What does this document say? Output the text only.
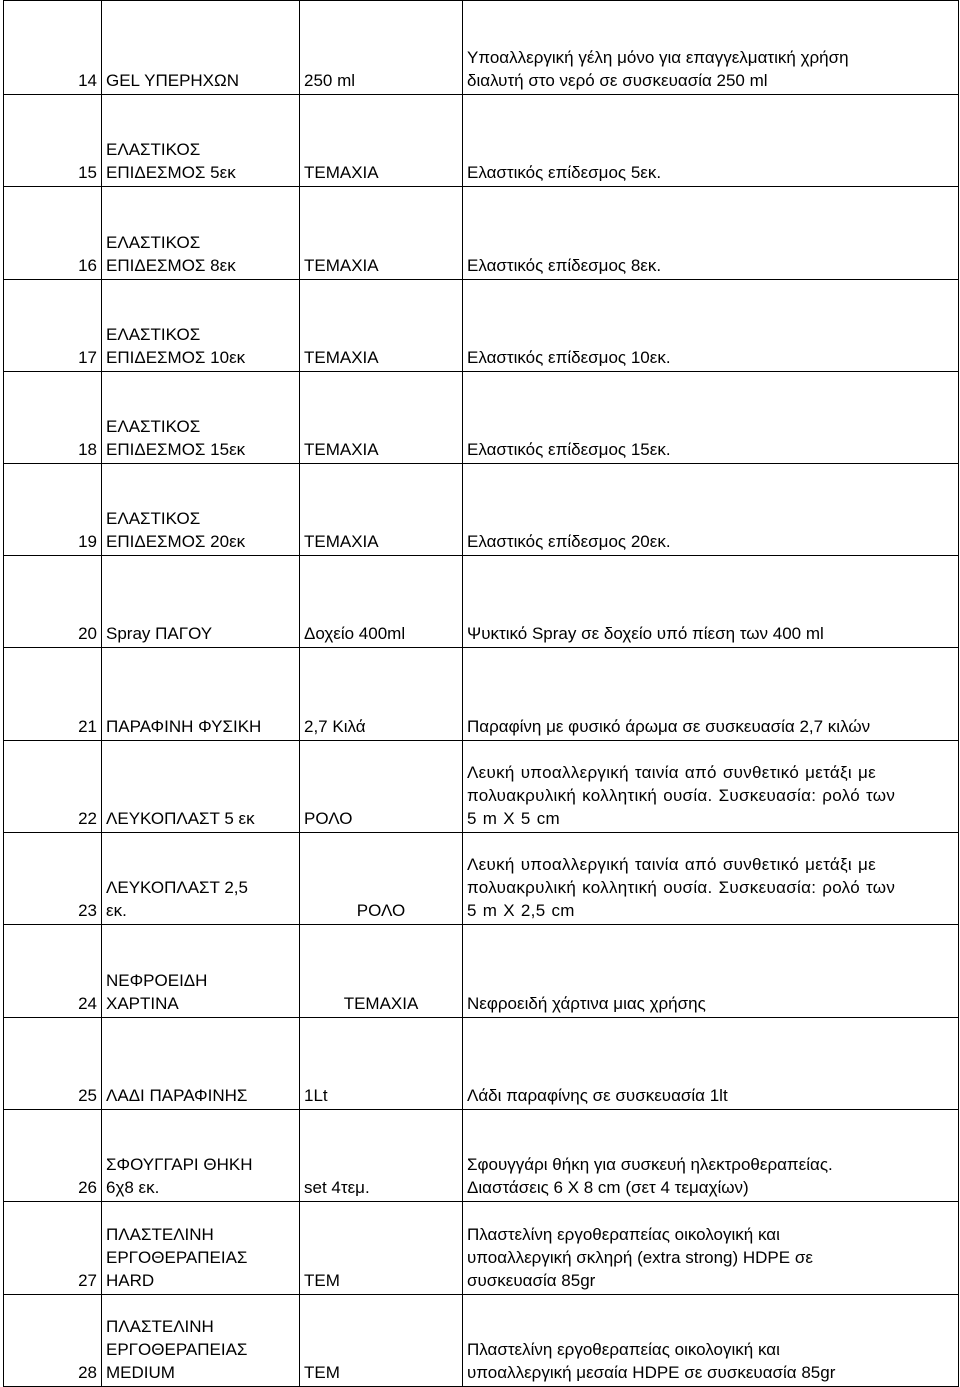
14	GEL ΥΠΕΡΗΧΩΝ	250 ml	Υποαλλεργική γέλη μόνο για επαγγελματική χρήση
διαλυτή στο νερό σε συσκευασία 250 ml
15	ΕΛΑΣΤΙΚΟΣ
ΕΠΙΔΕΣΜΟΣ 5εκ	ΤΕΜΑΧΙΑ	Ελαστικός επίδεσμος 5εκ.
16	ΕΛΑΣΤΙΚΟΣ
ΕΠΙΔΕΣΜΟΣ 8εκ	ΤΕΜΑΧΙΑ	Ελαστικός επίδεσμος 8εκ.
17	ΕΛΑΣΤΙΚΟΣ
ΕΠΙΔΕΣΜΟΣ 10εκ	ΤΕΜΑΧΙΑ	Ελαστικός επίδεσμος 10εκ.
18	ΕΛΑΣΤΙΚΟΣ
ΕΠΙΔΕΣΜΟΣ 15εκ	ΤΕΜΑΧΙΑ	Ελαστικός επίδεσμος 15εκ.
19	ΕΛΑΣΤΙΚΟΣ
ΕΠΙΔΕΣΜΟΣ 20εκ	ΤΕΜΑΧΙΑ	Ελαστικός επίδεσμος 20εκ.
20	Spray ΠΑΓΟΥ	Δοχείο 400ml	Ψυκτικό Spray σε δοχείο υπό πίεση των 400 ml
21	ΠΑΡΑΦΙΝΗ ΦΥΣΙΚΗ	2,7 Κιλά	Παραφίνη με φυσικό άρωμα σε συσκευασία 2,7 κιλών
22	ΛΕΥΚΟΠΛΑΣΤ 5 εκ	ΡΟΛΟ	Λευκή υποαλλεργική ταινία από συνθετικό μετάξι με
πολυακρυλική κολλητική ουσία. Συσκευασία: ρολό των
5 m X 5 cm
23	ΛΕΥΚΟΠΛΑΣΤ 2,5
εκ.	ΡΟΛΟ	Λευκή υποαλλεργική ταινία από συνθετικό μετάξι με
πολυακρυλική κολλητική ουσία. Συσκευασία: ρολό των
5 m X 2,5 cm
24	ΝΕΦΡΟΕΙΔΗ
ΧΑΡΤΙΝΑ	ΤΕΜΑΧΙΑ	Νεφροειδή χάρτινα μιας χρήσης
25	ΛΑΔΙ ΠΑΡΑΦΙΝΗΣ	1Lt	Λάδι παραφίνης σε συσκευασία 1lt
26	ΣΦΟΥΓΓΑΡΙ ΘΗΚΗ
6χ8 εκ.	set 4τεμ.	Σφουγγάρι θήκη για συσκευή ηλεκτροθεραπείας.
Διαστάσεις 6 Χ 8 cm (σετ 4 τεμαχίων)
27	ΠΛΑΣΤΕΛΙΝΗ
ΕΡΓΟΘΕΡΑΠΕΙΑΣ
HARD	ΤΕΜ	Πλαστελίνη εργοθεραπείας οικολογική και
υποαλλεργική σκληρή (extra strong) HDPE σε
συσκευασία 85gr
28	ΠΛΑΣΤΕΛΙΝΗ
ΕΡΓΟΘΕΡΑΠΕΙΑΣ
MEDIUM	ΤΕΜ	Πλαστελίνη εργοθεραπείας οικολογική και
υποαλλεργική μεσαία HDPE σε συσκευασία 85gr
